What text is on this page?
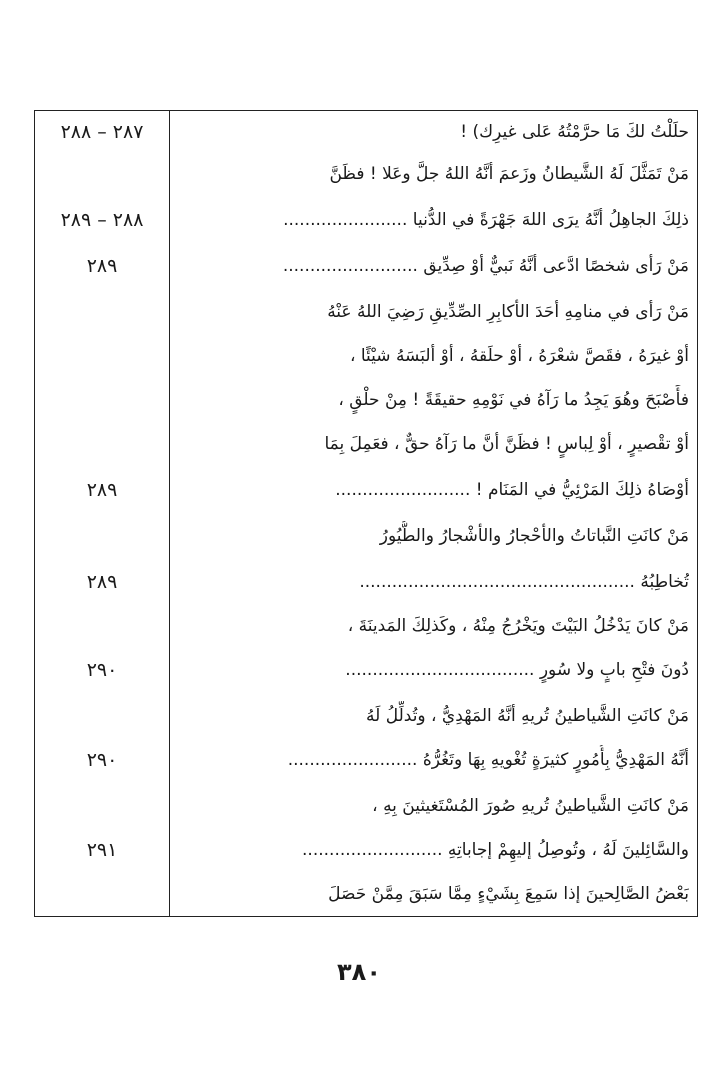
حلَلْتُ لكَ مَا حرَّمْتُهُ عَلى غيرِك) !
٢٨٧ – ٢٨٨
مَنْ تَمَثَّلَ لَهُ الشَّيطانُ وزَعمَ أنَّهُ اللهُ جلَّ وعَلا ! فظَنَّ
ذلِكَ الجاهِلُ أنَّهُ يرَى اللهَ جَهْرَةً في الدُّنيا .......................
٢٨٨ – ٢٨٩
مَنْ رَأى شخصًا ادَّعى أنَّهُ نَبيٌّ أوْ صِدِّيق .........................
٢٨٩
مَنْ رَأى في منامِهِ أحَدَ الأكابِرِ الصِّدِّيقِ رَضِيَ اللهُ عَنْهُ
أوْ غيرَهُ ، فقَصَّ شعْرَهُ ، أوْ حلَقهُ ، أوْ ألبَسَهُ شيْئًا ،
فأَصْبَحَ وهُوَ يَجِدُ ما رَآهُ في نَوْمِهِ حقيقَةً ! مِنْ حلْقٍ ،
أوْ تقْصيرٍ ، أوْ لِباسٍ ! فظَنَّ أنَّ ما رَآهُ حقٌّ ، فعَمِلَ بِمَا
أوْصَاهُ ذلِكَ المَرْئِيُّ في المَنَام ! .........................
٢٨٩
مَنْ كانَتِ النَّباتاتُ والأحْجارُ والأشْجارُ والطُّيُورُ
تُخاطِبُهُ ...................................................
٢٨٩
مَنْ كانَ يَدْخُلُ البَيْتَ ويَخْرُجُ مِنْهُ ، وكَذلِكَ المَدينَةَ ،
دُونَ فتْحِ بابٍ ولا سُورٍ ...................................
٢٩٠
مَنْ كانَتِ الشَّياطينُ تُريهِ أنَّهُ المَهْدِيُّ ، وتُدلِّلُ لَهُ
أنَّهُ المَهْدِيُّ بِأُمُورٍ كثيرَةٍ تُغْويهِ بِهَا وتَغُرُّهُ ........................
٢٩٠
مَنْ كانَتِ الشَّياطينُ تُريهِ صُورَ المُسْتَغيثينَ بِهِ ،
والسَّائِلينَ لَهُ ، وتُوصِلُ إليهِمْ إجاباتِهِ ..........................
٢٩١
بَعْضُ الصَّالِحينَ إذا سَمِعَ بِشَيْءٍ مِمَّا سَبَقَ مِمَّنْ حَصَلَ
٣٨٠
